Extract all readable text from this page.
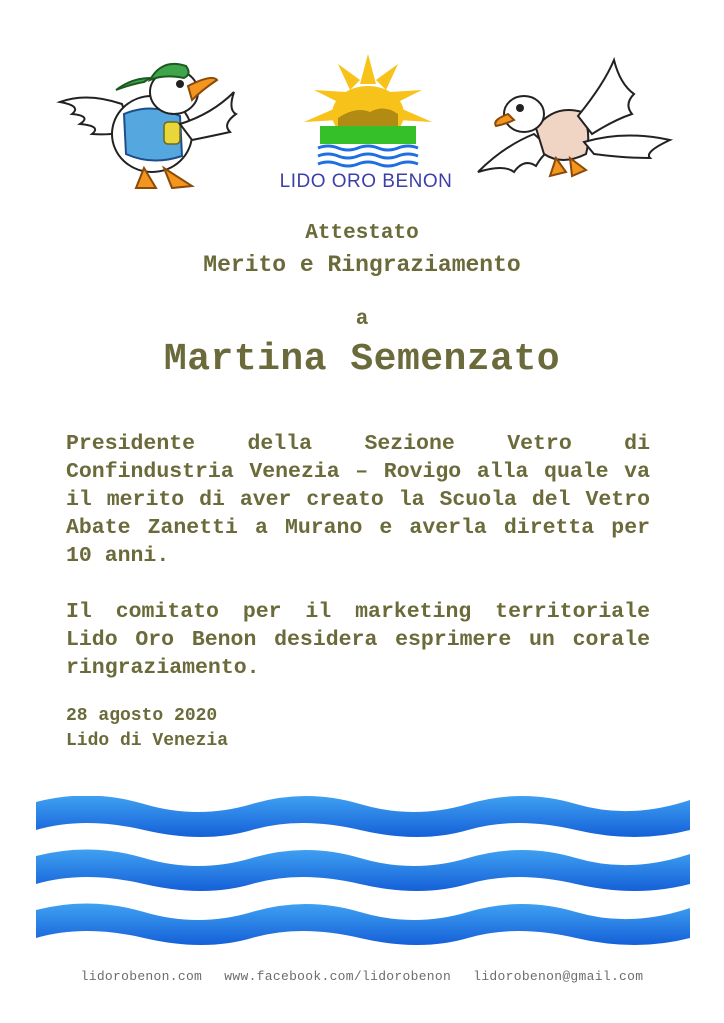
LIDO ORO BENON
Attestato
Merito e Ringraziamento
a
Martina Semenzato
Presidente della Sezione Vetro di Confindustria Venezia – Rovigo alla quale va il merito di aver creato la Scuola del Vetro Abate Zanetti a Murano e averla diretta per 10 anni.
Il comitato per il marketing territoriale Lido Oro Benon desidera esprimere un corale ringraziamento.
28 agosto 2020
Lido di Venezia
lidorobenon.com www.facebook.com/lidorobenon lidorobenon@gmail.com
